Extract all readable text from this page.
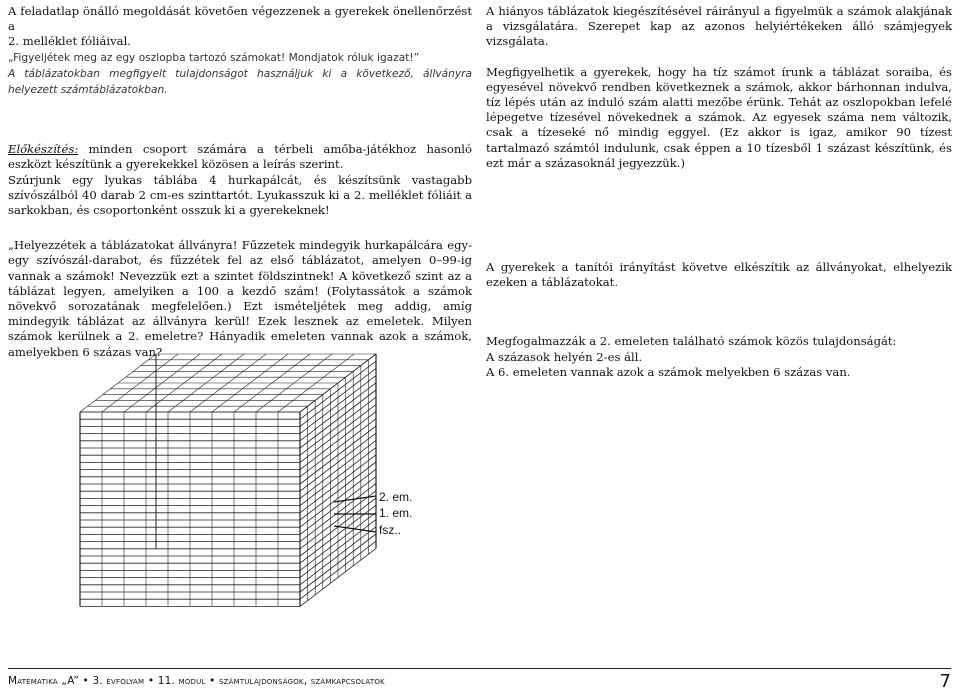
A feladatlap önálló megoldását követően végezzenek a gyerekek önellenőrzést a
2. melléklet fóliáival.
„Figyeljétek meg az egy oszlopba tartozó számokat! Mondjatok róluk igazat!”
A táblázatokban megfigyelt tulajdonságot használjuk ki a következő, állványra helyezett számtáblázatokban.

Előkészítés: minden csoport számára a térbeli amőba-játékhoz hasonló eszközt készítünk a gyerekekkel közösen a leírás szerint.

Szúrjunk egy lyukas táblába 4 hurkapálcát, és készítsünk vastagabb szívószálból 40 darab 2 cm-es szinttartót. Lyukasszuk ki a 2. melléklet fóliáit a sarkokban, és csoportonként osszuk ki a gyerekeknek!

„Helyezzétek a táblázatokat állványra! Fűzzetek mindegyik hurkapálcára egy-egy szívószál-darabot, és fűzzétek fel az első táblázatot, amelyen 0–99-ig vannak a számok! Nevezzük ezt a szintet földszintnek! A következő szint az a táblázat legyen, amelyiken a 100 a kezdő szám! (Folytassátok a számok növekvő sorozatának megfelelően.) Ezt ismételjétek meg addig, amíg mindegyik táblázat az állványra kerül! Ezek lesznek az emeletek. Milyen számok kerülnek a 2. emeletre? Hányadik emeleten vannak azok a számok, amelyekben 6 százas van?

2. em.
1. em.
fsz..

A hiányos táblázatok kiegészítésével ráirányul a figyelmük a számok alakjának a vizsgálatára. Szerepet kap az azonos helyiértékeken álló számjegyek vizsgálata.

Megfigyelhetik a gyerekek, hogy ha tíz számot írunk a táblázat soraiba, és egyesével növekvő rendben következnek a számok, akkor bárhonnan indulva, tíz lépés után az induló szám alatti mezőbe érünk. Tehát az oszlopokban lefelé lépegetve tízesével növekednek a számok. Az egyesek száma nem változik, csak a tízeseké nő mindig eggyel. (Ez akkor is igaz, amikor 90 tízest tartalmazó számtól indulunk, csak éppen a 10 tízesből 1 százast készítünk, és ezt már a százasoknál jegyezzük.)

A gyerekek a tanítói irányítást követve elkészítik az állványokat, elhelyezik ezeken a táblázatokat.

Megfogalmazzák a 2. emeleten található számok közös tulajdonságát:
A százasok helyén 2-es áll.
A 6. emeleten vannak azok a számok melyekben 6 százas van.

Matematika „A” • 3. évfolyam • 11. modul • számtulajdonságok, számkapcsolatok	7
